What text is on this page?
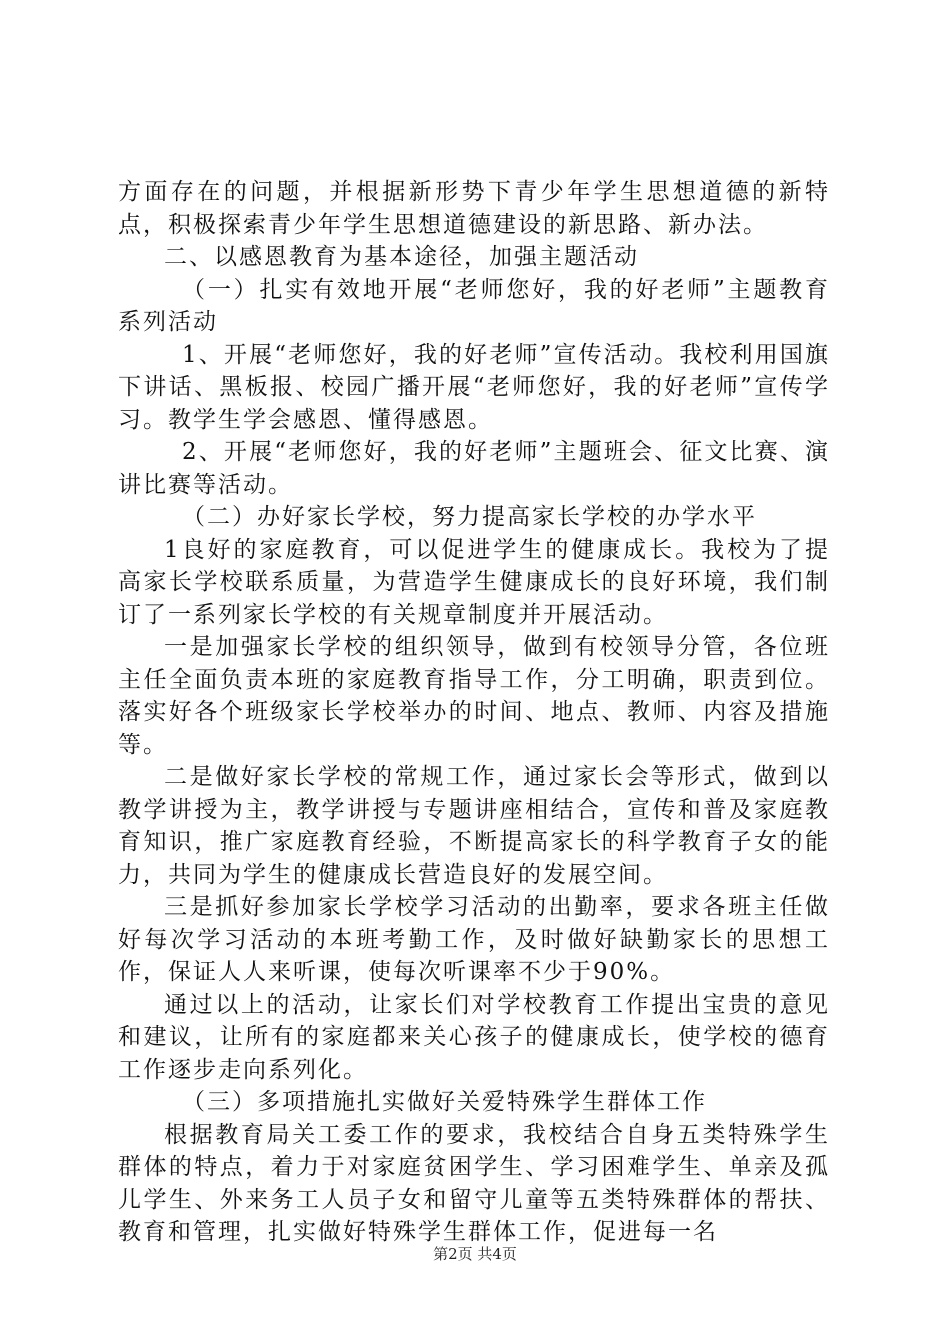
方面存在的问题，并根据新形势下青少年学生思想道德的新特点，积极探索青少年学生思想道德建设的新思路、新办法。

二、以感恩教育为基本途径，加强主题活动

（一）扎实有效地开展“老师您好，我的好老师”主题教育系列活动

1、开展“老师您好，我的好老师”宣传活动。我校利用国旗下讲话、黑板报、校园广播开展“老师您好，我的好老师”宣传学习。教学生学会感恩、懂得感恩。

2、开展“老师您好，我的好老师”主题班会、征文比赛、演讲比赛等活动。

（二）办好家长学校，努力提高家长学校的办学水平

1良好的家庭教育，可以促进学生的健康成长。我校为了提高家长学校联系质量，为营造学生健康成长的良好环境，我们制订了一系列家长学校的有关规章制度并开展活动。

一是加强家长学校的组织领导，做到有校领导分管，各位班主任全面负责本班的家庭教育指导工作，分工明确，职责到位。落实好各个班级家长学校举办的时间、地点、教师、内容及措施等。

二是做好家长学校的常规工作，通过家长会等形式，做到以教学讲授为主，教学讲授与专题讲座相结合，宣传和普及家庭教育知识，推广家庭教育经验，不断提高家长的科学教育子女的能力，共同为学生的健康成长营造良好的发展空间。

三是抓好参加家长学校学习活动的出勤率，要求各班主任做好每次学习活动的本班考勤工作，及时做好缺勤家长的思想工作，保证人人来听课，使每次听课率不少于90%。

通过以上的活动，让家长们对学校教育工作提出宝贵的意见和建议，让所有的家庭都来关心孩子的健康成长，使学校的德育工作逐步走向系列化。

（三）多项措施扎实做好关爱特殊学生群体工作

根据教育局关工委工作的要求，我校结合自身五类特殊学生群体的特点，着力于对家庭贫困学生、学习困难学生、单亲及孤儿学生、外来务工人员子女和留守儿童等五类特殊群体的帮扶、教育和管理，扎实做好特殊学生群体工作，促进每一名

第2页 共4页
